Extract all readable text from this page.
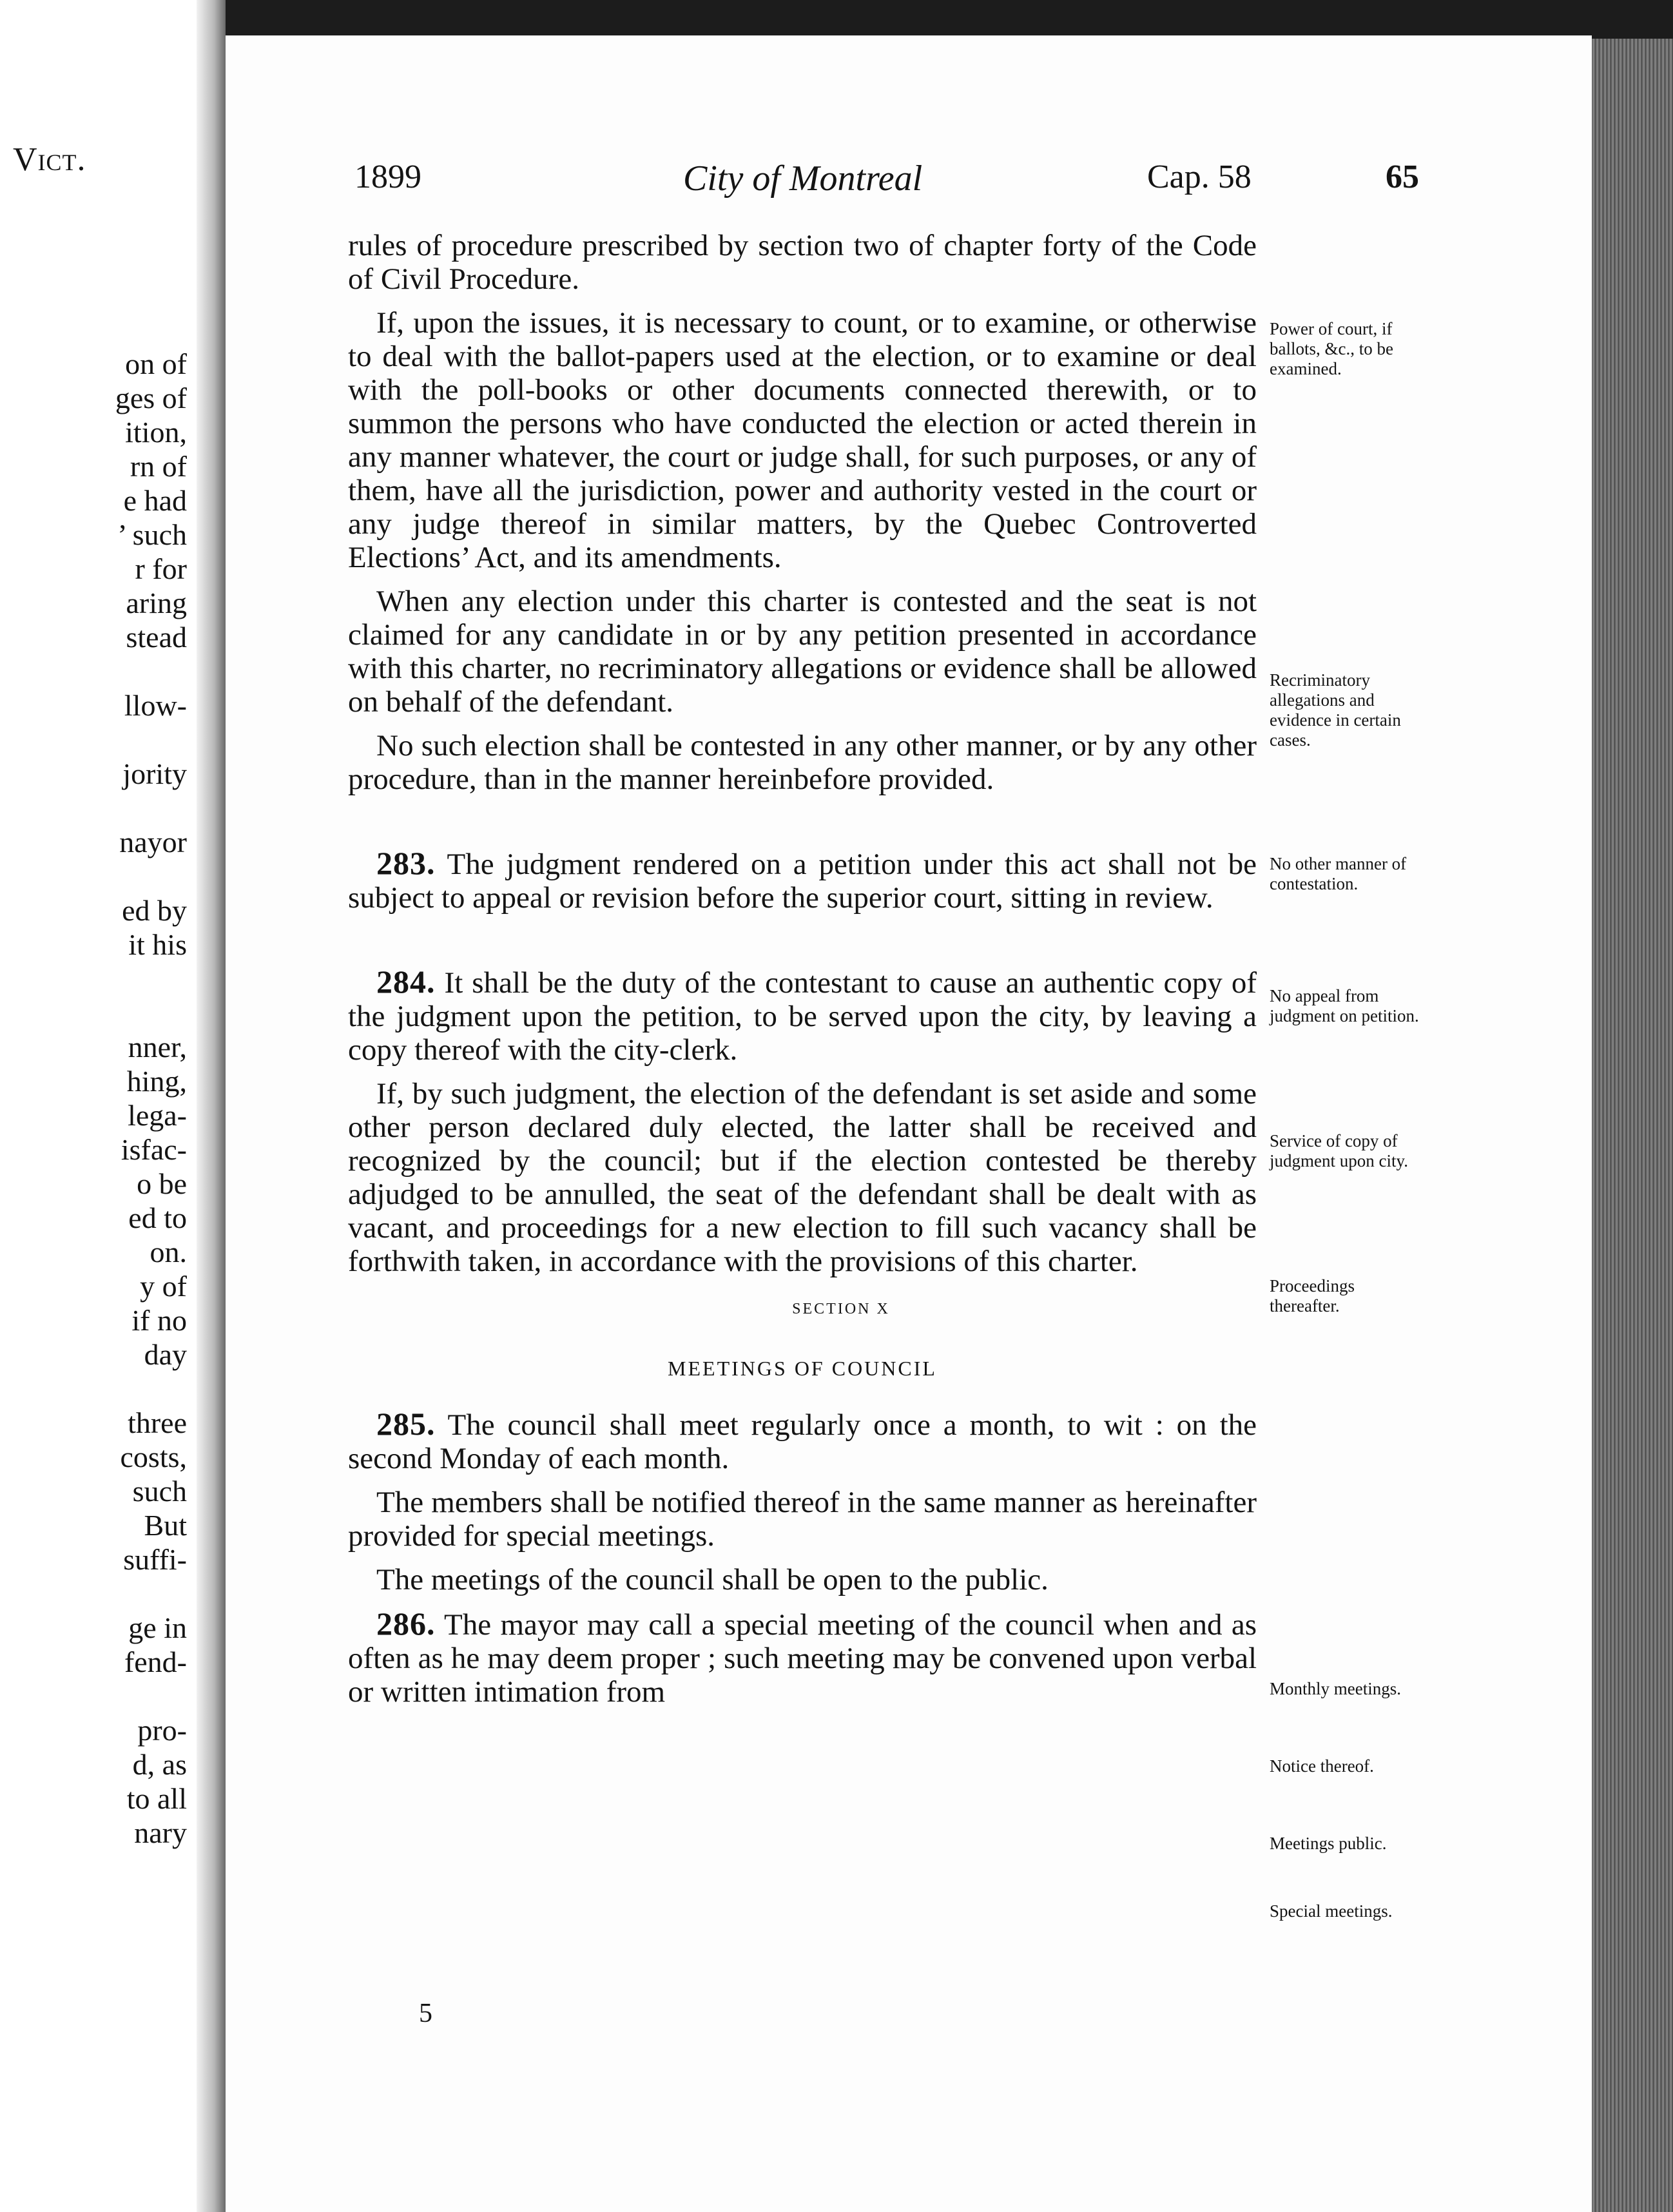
Vict.
on of
ges of
ition,
rn of
e had
’ such
r for
aring
stead

llow-

jority

nayor

ed by
it his

nner,
hing,
lega-
isfac-
o be
ed to
on.
y of
if no
day

three
costs,
such
But
suffi-

ge in
fend-

pro-
d, as
to all
nary
1899	City of Montreal	Cap. 58	65

rules of procedure prescribed by section two of chapter forty of the Code of Civil Procedure.

If, upon the issues, it is necessary to count, or to examine, or otherwise to deal with the ballot-papers used at the election, or to examine or deal with the poll-books or other documents connected therewith, or to summon the persons who have conducted the election or acted therein in any manner whatever, the court or judge shall, for such purposes, or any of them, have all the jurisdiction, power and authority vested in the court or any judge thereof in similar matters, by the Quebec Controverted Elections’ Act, and its amendments.

When any election under this charter is contested and the seat is not claimed for any candidate in or by any petition presented in accordance with this charter, no recriminatory allegations or evidence shall be allowed on behalf of the defendant.

No such election shall be contested in any other manner, or by any other procedure, than in the manner hereinbefore provided.

283. The judgment rendered on a petition under this act shall not be subject to appeal or revision before the superior court, sitting in review.

284. It shall be the duty of the contestant to cause an authentic copy of the judgment upon the petition, to be served upon the city, by leaving a copy thereof with the city-clerk.

If, by such judgment, the election of the defendant is set aside and some other person declared duly elected, the latter shall be received and recognized by the council; but if the election contested be thereby adjudged to be annulled, the seat of the defendant shall be dealt with as vacant, and proceedings for a new election to fill such vacancy shall be forthwith taken, in accordance with the provisions of this charter.

SECTION X
MEETINGS OF COUNCIL

285. The council shall meet regularly once a month, to wit : on the second Monday of each month.

The members shall be notified thereof in the same manner as hereinafter provided for special meetings.

The meetings of the council shall be open to the public.

286. The mayor may call a special meeting of the council when and as often as he may deem proper ; such meeting may be convened upon verbal or written intimation from

5
Power of court, if ballots, &c., to be examined.
Recriminatory allegations and evidence in certain cases.
No other manner of contestation.
No appeal from judgment on petition.
Service of copy of judgment upon city.
Proceedings thereafter.
Monthly meetings.
Notice thereof.
Meetings public.
Special meetings.
